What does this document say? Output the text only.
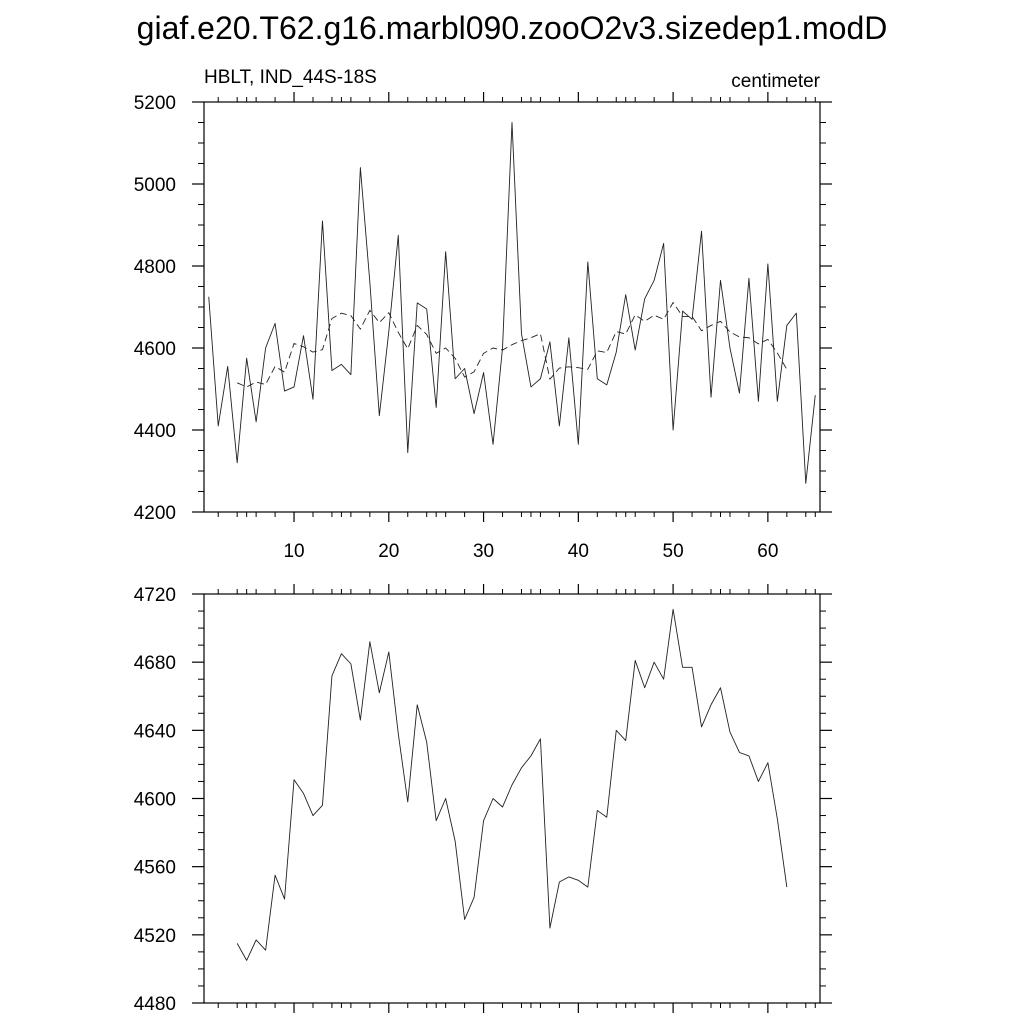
giaf.e20.T62.g16.marbl090.zooO2v3.sizedep1.modD
HBLT, IND_44S-18S	centimeter
10	20	30	40	50	60
4200
4400
4600
4800
5000
5200
4480
4520
4560
4600
4640
4680
4720
